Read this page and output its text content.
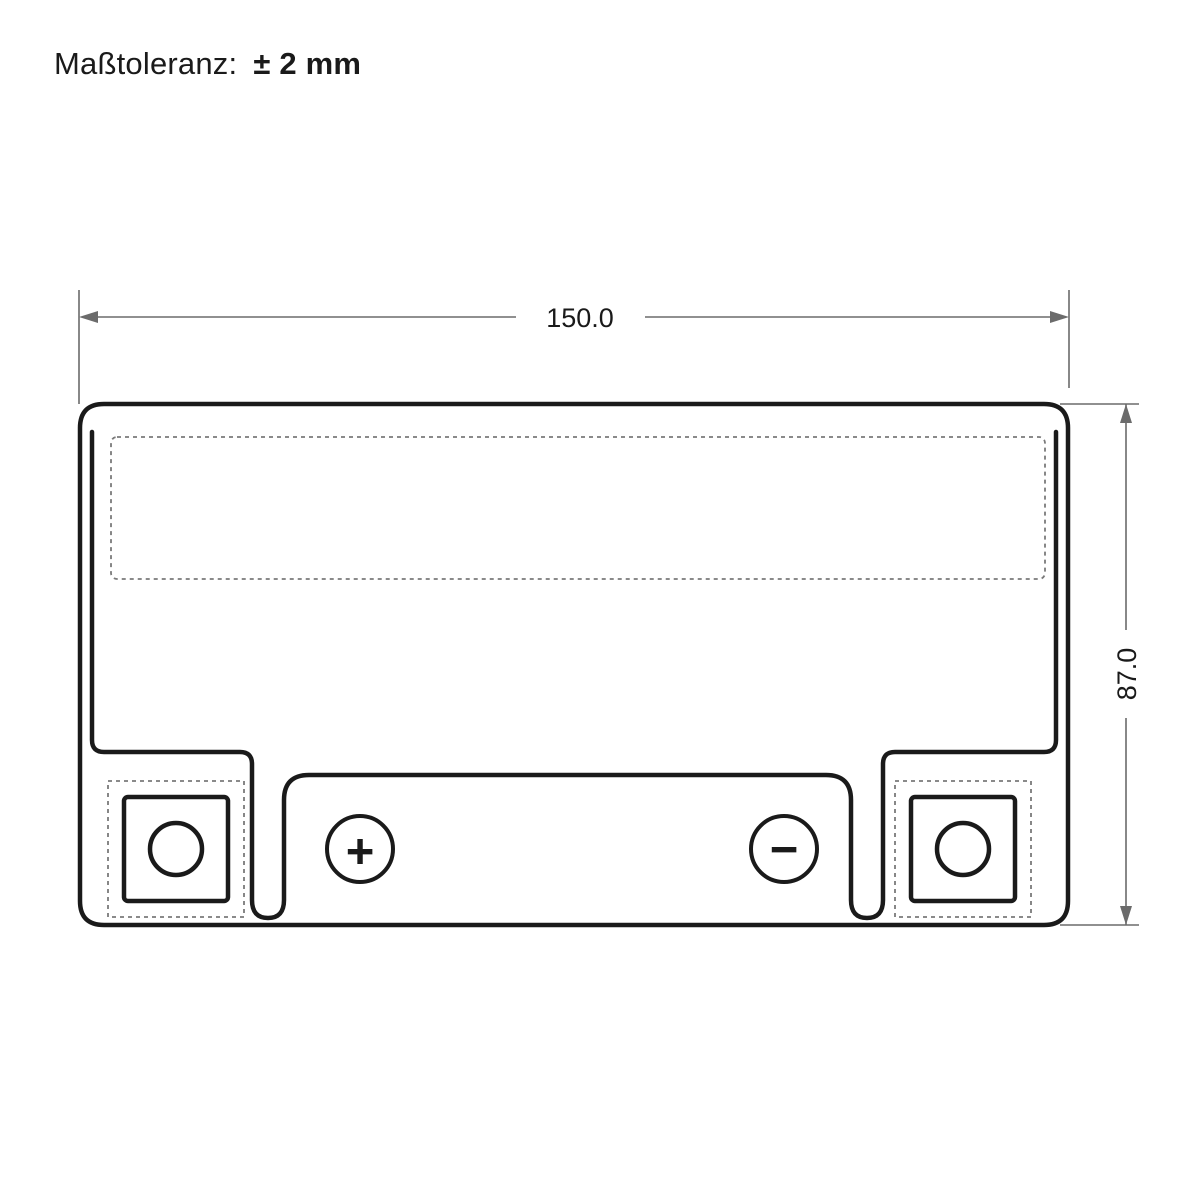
Maßtoleranz: ± 2 mm
150.0
87.0
+	−
